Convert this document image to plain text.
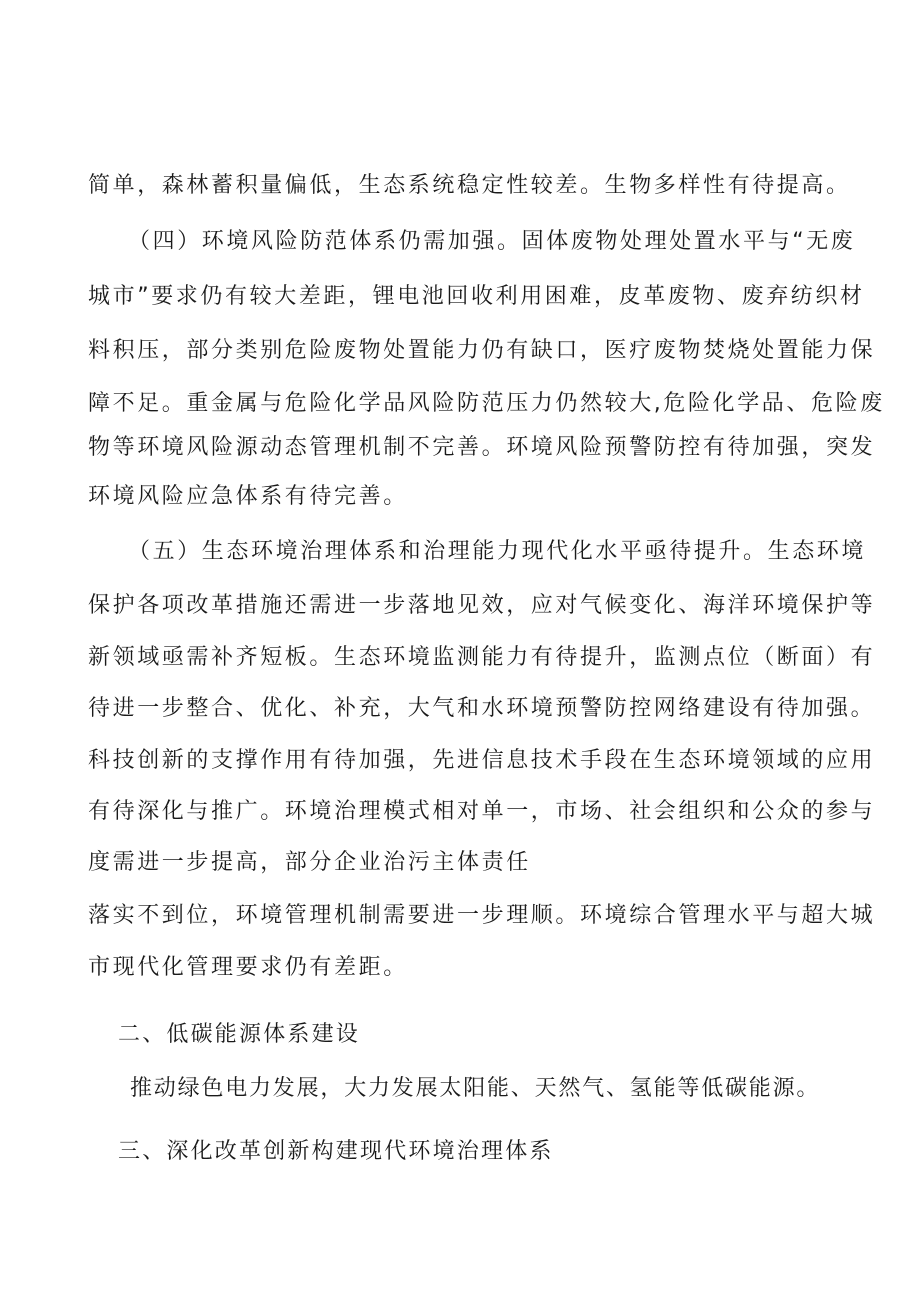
简单，森林蓄积量偏低，生态系统稳定性较差。生物多样性有待提高。
（四）环境风险防范体系仍需加强。固体废物处理处置水平与“无废
城市”要求仍有较大差距，锂电池回收利用困难，皮革废物、废弃纺织材
料积压，部分类别危险废物处置能力仍有缺口，医疗废物焚烧处置能力保
障不足。重金属与危险化学品风险防范压力仍然较大,危险化学品、危险废
物等环境风险源动态管理机制不完善。环境风险预警防控有待加强，突发
环境风险应急体系有待完善。
（五）生态环境治理体系和治理能力现代化水平亟待提升。生态环境
保护各项改革措施还需进一步落地见效，应对气候变化、海洋环境保护等
新领域亟需补齐短板。生态环境监测能力有待提升，监测点位（断面）有
待进一步整合、优化、补充，大气和水环境预警防控网络建设有待加强。
科技创新的支撑作用有待加强，先进信息技术手段在生态环境领域的应用
有待深化与推广。环境治理模式相对单一，市场、社会组织和公众的参与
度需进一步提高，部分企业治污主体责任
落实不到位，环境管理机制需要进一步理顺。环境综合管理水平与超大城
市现代化管理要求仍有差距。
二、低碳能源体系建设
推动绿色电力发展，大力发展太阳能、天然气、氢能等低碳能源。
三、深化改革创新构建现代环境治理体系
